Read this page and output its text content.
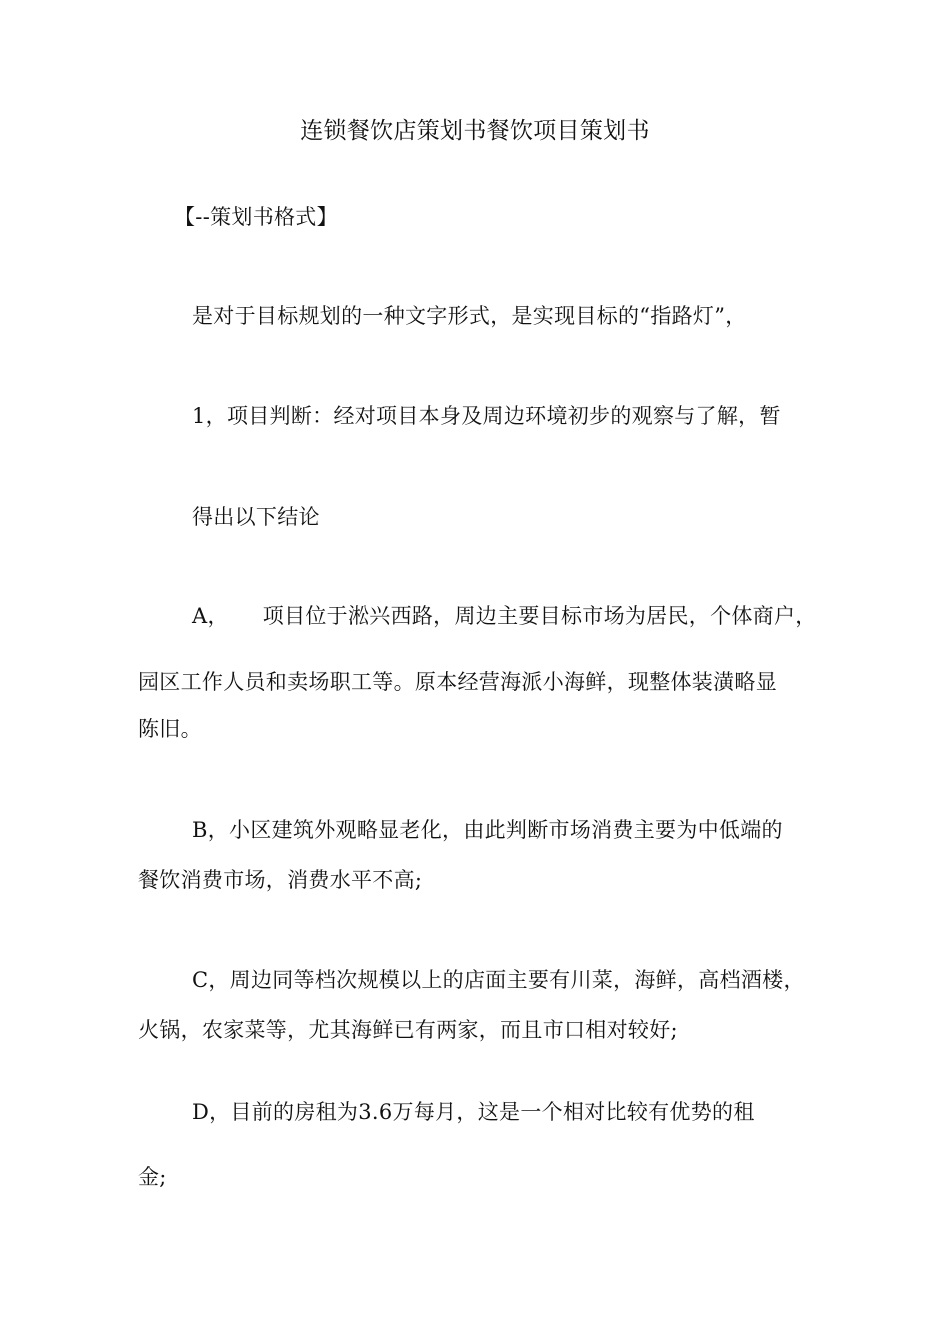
连锁餐饮店策划书餐饮项目策划书
【--策划书格式】
是对于目标规划的一种文字形式，是实现目标的“指路灯”，
1，项目判断：经对项目本身及周边环境初步的观察与了解，暂
得出以下结论
A， 项目位于淞兴西路，周边主要目标市场为居民，个体商户，
园区工作人员和卖场职工等。原本经营海派小海鲜，现整体装潢略显
陈旧。
B，小区建筑外观略显老化，由此判断市场消费主要为中低端的
餐饮消费市场，消费水平不高;
C，周边同等档次规模以上的店面主要有川菜，海鲜，高档酒楼，
火锅，农家菜等，尤其海鲜已有两家，而且市口相对较好;
D，目前的房租为3.6万每月，这是一个相对比较有优势的租
金;
